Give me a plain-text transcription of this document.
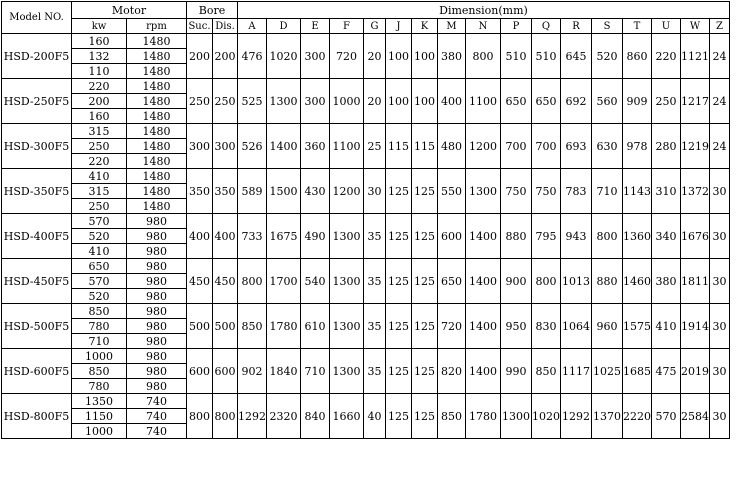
Model NO.	Motor		Bore		Dimension(mm)																
	kw	rpm	Suc.	Dis.	A	D	E	F	G	J	K	M	N	P	Q	R	S	T	U	W	Z
HSD-200F5	160	1480	200	200	476	1020	300	720	20	100	100	380	800	510	510	645	520	860	220	1121	24
	132	1480																			
	110	1480																			
HSD-250F5	220	1480	250	250	525	1300	300	1000	20	100	100	400	1100	650	650	692	560	909	250	1217	24
	200	1480																			
	160	1480																			
HSD-300F5	315	1480	300	300	526	1400	360	1100	25	115	115	480	1200	700	700	693	630	978	280	1219	24
	250	1480																			
	220	1480																			
HSD-350F5	410	1480	350	350	589	1500	430	1200	30	125	125	550	1300	750	750	783	710	1143	310	1372	30
	315	1480																			
	250	1480																			
HSD-400F5	570	980	400	400	733	1675	490	1300	35	125	125	600	1400	880	795	943	800	1360	340	1676	30
	520	980																			
	410	980																			
HSD-450F5	650	980	450	450	800	1700	540	1300	35	125	125	650	1400	900	800	1013	880	1460	380	1811	30
	570	980																			
	520	980																			
HSD-500F5	850	980	500	500	850	1780	610	1300	35	125	125	720	1400	950	830	1064	960	1575	410	1914	30
	780	980																			
	710	980																			
HSD-600F5	1000	980	600	600	902	1840	710	1300	35	125	125	820	1400	990	850	1117	1025	1685	475	2019	30
	850	980																			
	780	980																			
HSD-800F5	1350	740	800	800	1292	2320	840	1660	40	125	125	850	1780	1300	1020	1292	1370	2220	570	2584	30
	1150	740																			
	1000	740																			
